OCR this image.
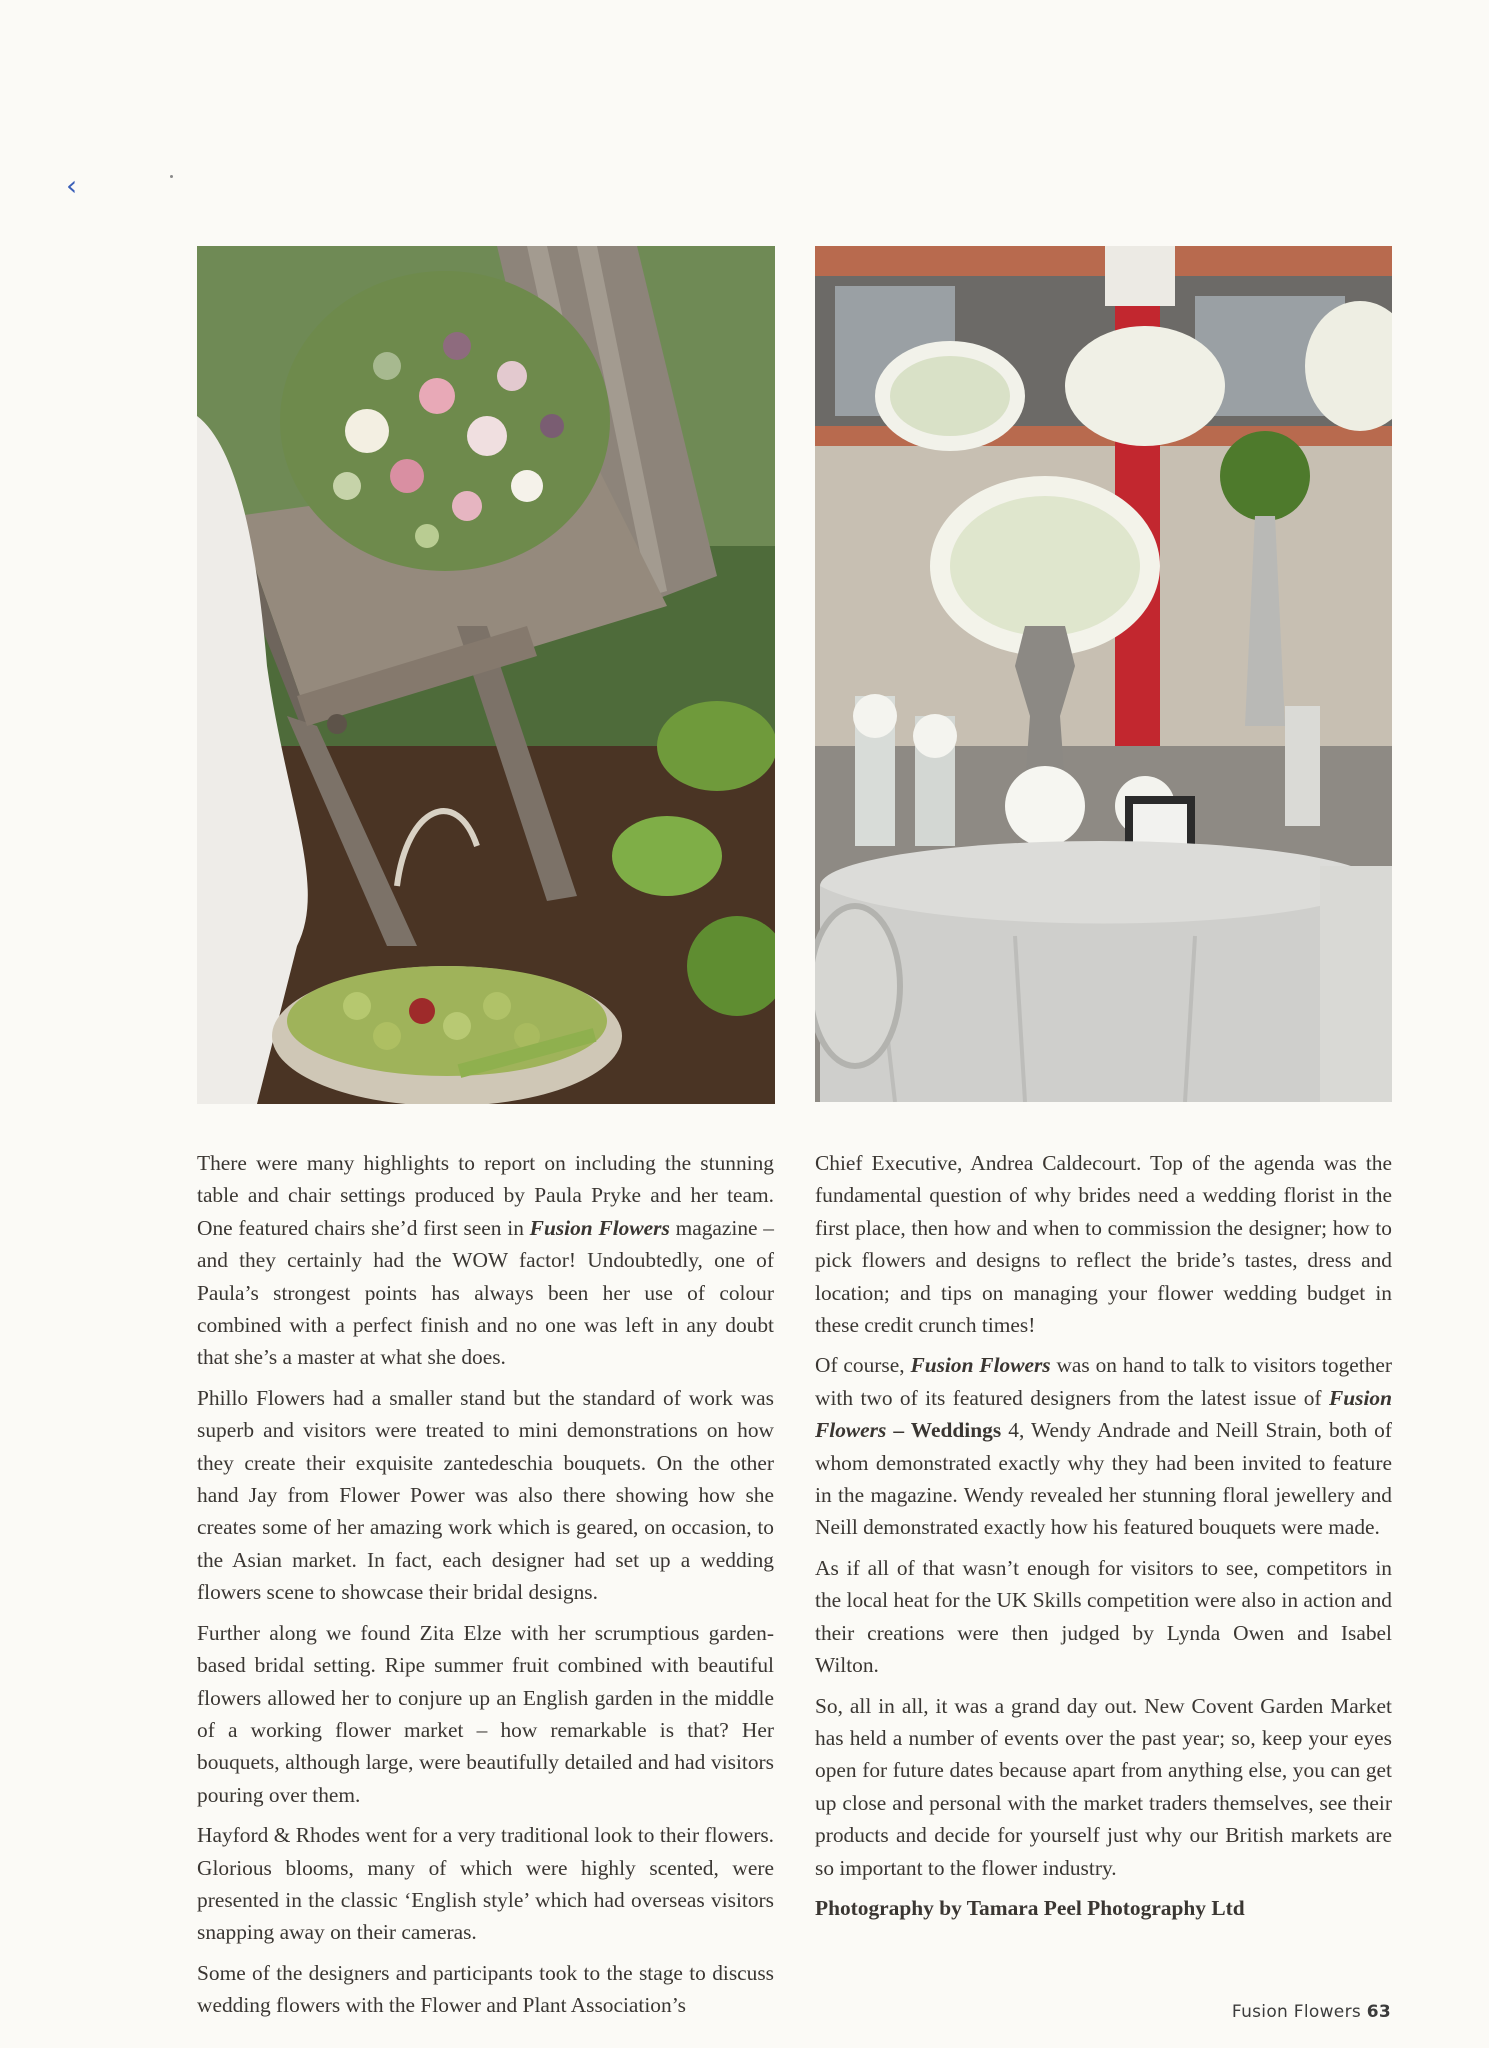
‹

There were many highlights to report on including the stunning table and chair settings produced by Paula Pryke and her team. One featured chairs she’d first seen in Fusion Flowers magazine – and they certainly had the WOW factor! Undoubtedly, one of Paula’s strongest points has always been her use of colour combined with a perfect finish and no one was left in any doubt that she’s a master at what she does.

Phillo Flowers had a smaller stand but the standard of work was superb and visitors were treated to mini demonstrations on how they create their exquisite zantedeschia bouquets. On the other hand Jay from Flower Power was also there showing how she creates some of her amazing work which is geared, on occasion, to the Asian market. In fact, each designer had set up a wedding flowers scene to showcase their bridal designs.

Further along we found Zita Elze with her scrumptious garden-based bridal setting. Ripe summer fruit combined with beautiful flowers allowed her to conjure up an English garden in the middle of a working flower market – how remarkable is that? Her bouquets, although large, were beautifully detailed and had visitors pouring over them.

Hayford & Rhodes went for a very traditional look to their flowers. Glorious blooms, many of which were highly scented, were presented in the classic ‘English style’ which had overseas visitors snapping away on their cameras.

Some of the designers and participants took to the stage to discuss wedding flowers with the Flower and Plant Association’s

Chief Executive, Andrea Caldecourt. Top of the agenda was the fundamental question of why brides need a wedding florist in the first place, then how and when to commission the designer; how to pick flowers and designs to reflect the bride’s tastes, dress and location; and tips on managing your flower wedding budget in these credit crunch times!

Of course, Fusion Flowers was on hand to talk to visitors together with two of its featured designers from the latest issue of Fusion Flowers – Weddings 4, Wendy Andrade and Neill Strain, both of whom demonstrated exactly why they had been invited to feature in the magazine. Wendy revealed her stunning floral jewellery and Neill demonstrated exactly how his featured bouquets were made.

As if all of that wasn’t enough for visitors to see, competitors in the local heat for the UK Skills competition were also in action and their creations were then judged by Lynda Owen and Isabel Wilton.

So, all in all, it was a grand day out. New Covent Garden Market has held a number of events over the past year; so, keep your eyes open for future dates because apart from anything else, you can get up close and personal with the market traders themselves, see their products and decide for yourself just why our British markets are so important to the flower industry.

Photography by Tamara Peel Photography Ltd

Fusion Flowers 63
